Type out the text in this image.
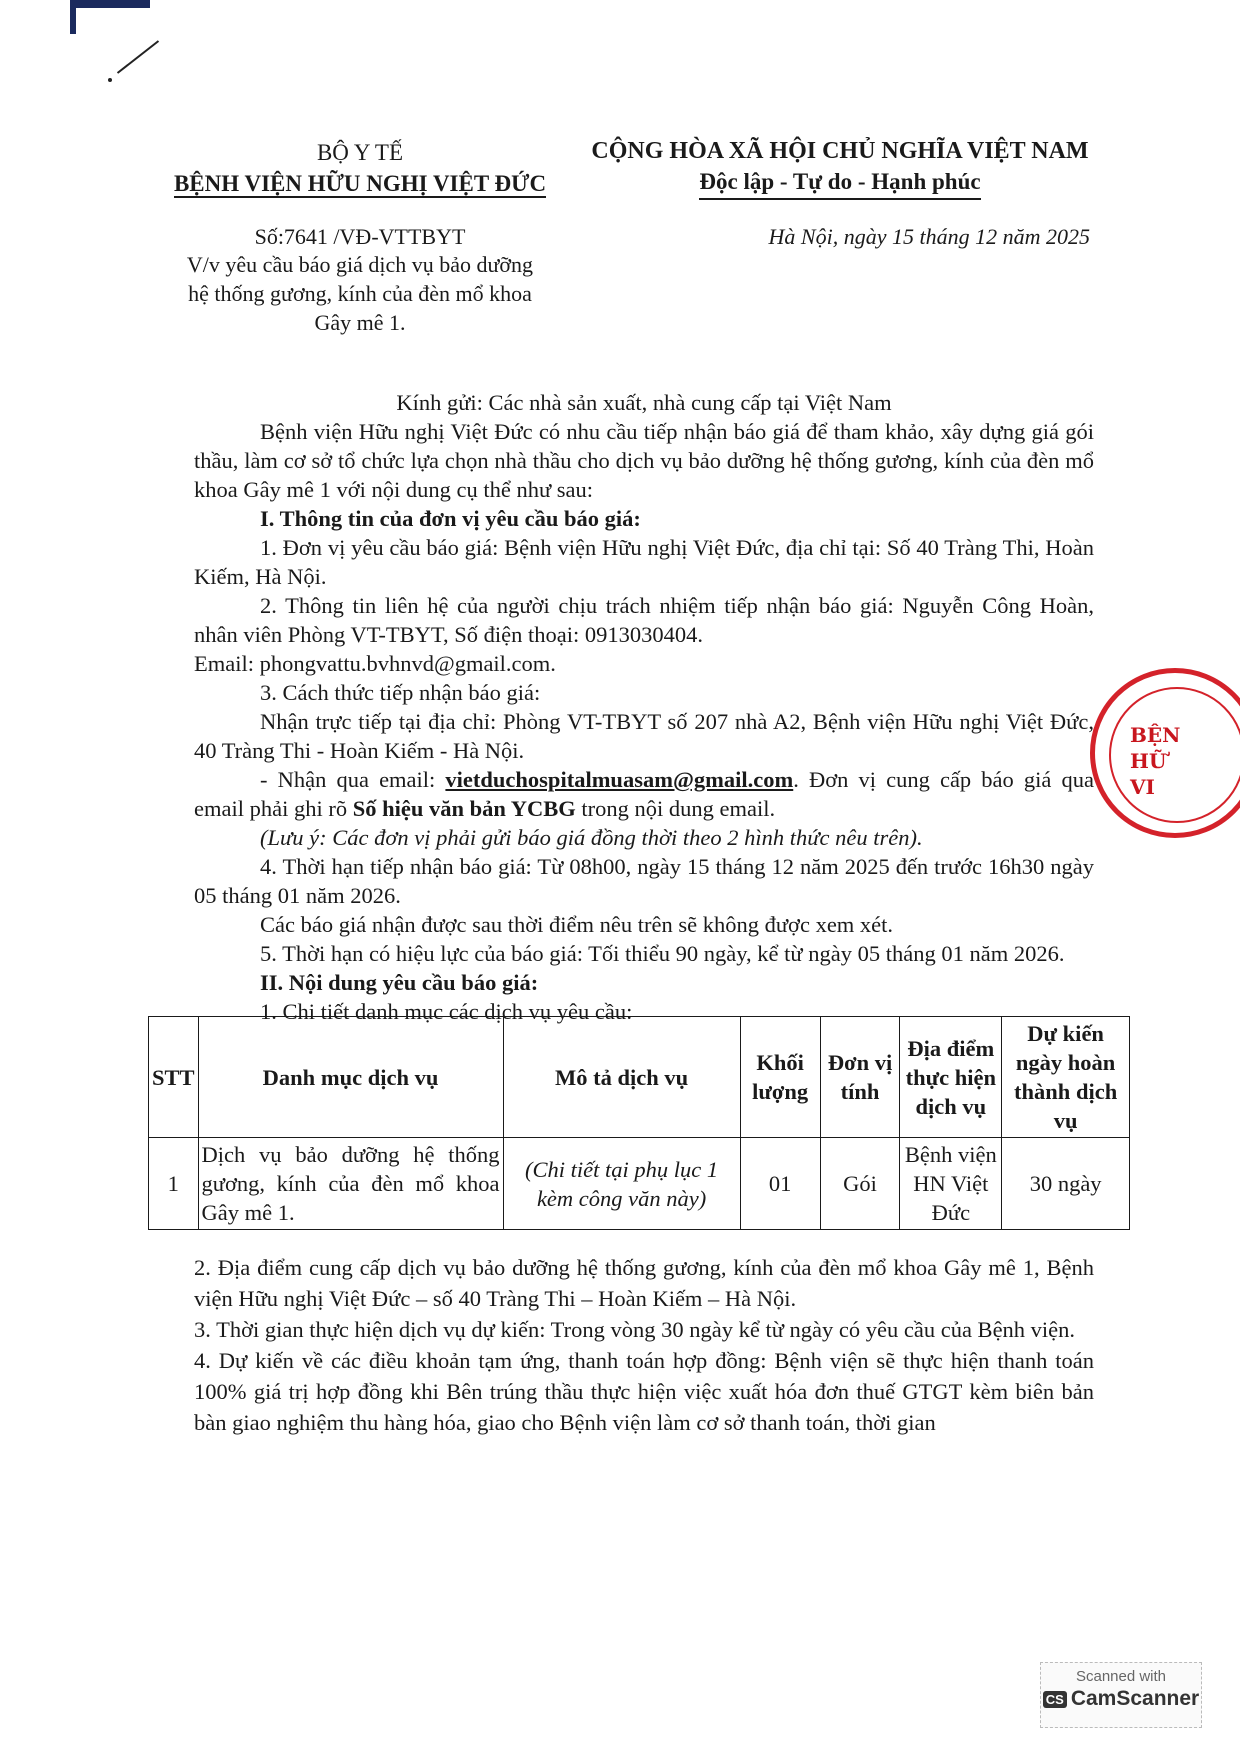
BỘ Y TẾ
BỆNH VIỆN HỮU NGHỊ VIỆT ĐỨC
CỘNG HÒA XÃ HỘI CHỦ NGHĨA VIỆT NAM
Độc lập - Tự do - Hạnh phúc
Số:7641 /VĐ-VTTBYT	Hà Nội, ngày 15 tháng 12 năm 2025
V/v yêu cầu báo giá dịch vụ bảo dưỡng
hệ thống gương, kính của đèn mổ khoa
Gây mê 1.

Kính gửi: Các nhà sản xuất, nhà cung cấp tại Việt Nam

Bệnh viện Hữu nghị Việt Đức có nhu cầu tiếp nhận báo giá để tham khảo, xây dựng giá gói thầu, làm cơ sở tổ chức lựa chọn nhà thầu cho dịch vụ bảo dưỡng hệ thống gương, kính của đèn mổ khoa Gây mê 1 với nội dung cụ thể như sau:

I. Thông tin của đơn vị yêu cầu báo giá:

1. Đơn vị yêu cầu báo giá: Bệnh viện Hữu nghị Việt Đức, địa chỉ tại: Số 40 Tràng Thi, Hoàn Kiếm, Hà Nội.

2. Thông tin liên hệ của người chịu trách nhiệm tiếp nhận báo giá: Nguyễn Công Hoàn, nhân viên Phòng VT-TBYT, Số điện thoại: 0913030404.

Email: phongvattu.bvhnvd@gmail.com.

3. Cách thức tiếp nhận báo giá:

Nhận trực tiếp tại địa chỉ: Phòng VT-TBYT số 207 nhà A2, Bệnh viện Hữu nghị Việt Đức, 40 Tràng Thi - Hoàn Kiếm - Hà Nội.

- Nhận qua email: vietduchospitalmuasam@gmail.com. Đơn vị cung cấp báo giá qua email phải ghi rõ Số hiệu văn bản YCBG trong nội dung email.

(Lưu ý: Các đơn vị phải gửi báo giá đồng thời theo 2 hình thức nêu trên).

4. Thời hạn tiếp nhận báo giá: Từ 08h00, ngày 15 tháng 12 năm 2025 đến trước 16h30 ngày 05 tháng 01 năm 2026.

Các báo giá nhận được sau thời điểm nêu trên sẽ không được xem xét.

5. Thời hạn có hiệu lực của báo giá: Tối thiểu 90 ngày, kể từ ngày 05 tháng 01 năm 2026.

II. Nội dung yêu cầu báo giá:

1. Chi tiết danh mục các dịch vụ yêu cầu:

STT	Danh mục dịch vụ	Mô tả dịch vụ	Khối lượng	Đơn vị tính	Địa điểm thực hiện dịch vụ	Dự kiến ngày hoàn thành dịch vụ
1	Dịch vụ bảo dưỡng hệ thống gương, kính của đèn mổ khoa Gây mê 1.	(Chi tiết tại phụ lục 1 kèm công văn này)	01	Gói	Bệnh viện HN Việt Đức	30 ngày

2. Địa điểm cung cấp dịch vụ bảo dưỡng hệ thống gương, kính của đèn mổ khoa Gây mê 1, Bệnh viện Hữu nghị Việt Đức – số 40 Tràng Thi – Hoàn Kiếm – Hà Nội.

3. Thời gian thực hiện dịch vụ dự kiến: Trong vòng 30 ngày kể từ ngày có yêu cầu của Bệnh viện.

4. Dự kiến về các điều khoản tạm ứng, thanh toán hợp đồng: Bệnh viện sẽ thực hiện thanh toán 100% giá trị hợp đồng khi Bên trúng thầu thực hiện việc xuất hóa đơn thuế GTGT kèm biên bản bàn giao nghiệm thu hàng hóa, giao cho Bệnh viện làm cơ sở thanh toán, thời gian

BỆN
HỮ
VI
Scanned with
CS CamScanner
